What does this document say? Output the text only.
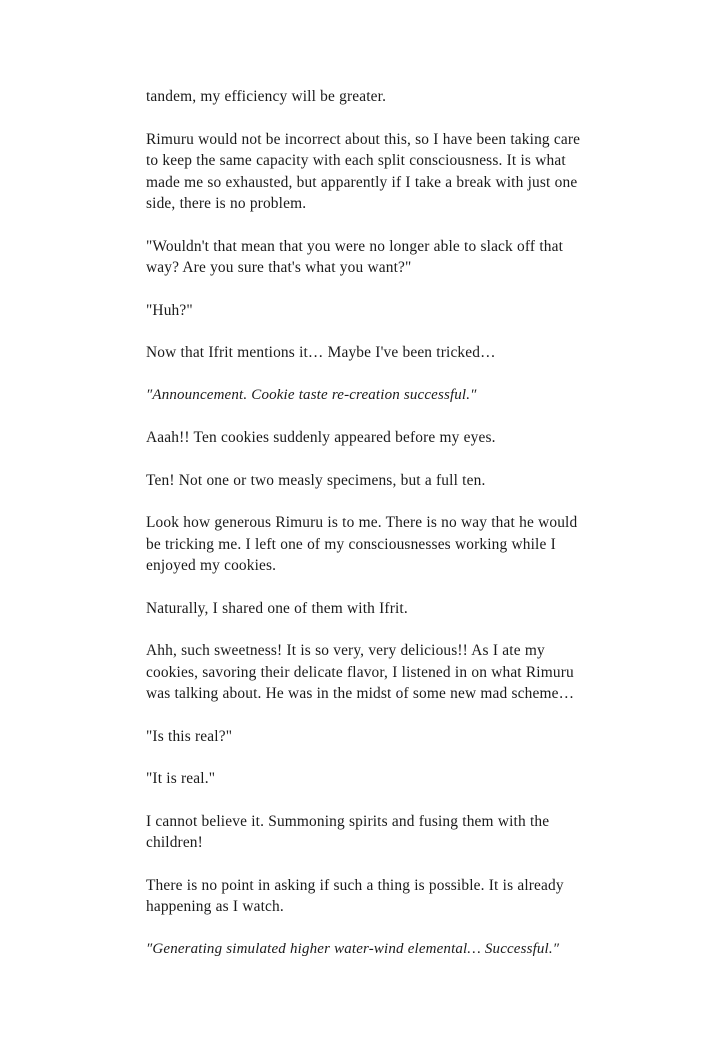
tandem, my efficiency will be greater.

Rimuru would not be incorrect about this, so I have been taking care to keep the same capacity with each split consciousness. It is what made me so exhausted, but apparently if I take a break with just one side, there is no problem.

"Wouldn't that mean that you were no longer able to slack off that way? Are you sure that's what you want?"

"Huh?"

Now that Ifrit mentions it… Maybe I've been tricked…

″Announcement. Cookie taste re-creation successful.″

Aaah!! Ten cookies suddenly appeared before my eyes.

Ten! Not one or two measly specimens, but a full ten.

Look how generous Rimuru is to me. There is no way that he would be tricking me. I left one of my consciousnesses working while I enjoyed my cookies.

Naturally, I shared one of them with Ifrit.

Ahh, such sweetness! It is so very, very delicious!! As I ate my cookies, savoring their delicate flavor, I listened in on what Rimuru was talking about. He was in the midst of some new mad scheme…

"Is this real?"

"It is real."

I cannot believe it. Summoning spirits and fusing them with the children!

There is no point in asking if such a thing is possible. It is already happening as I watch.

″Generating simulated higher water-wind elemental… Successful.″
